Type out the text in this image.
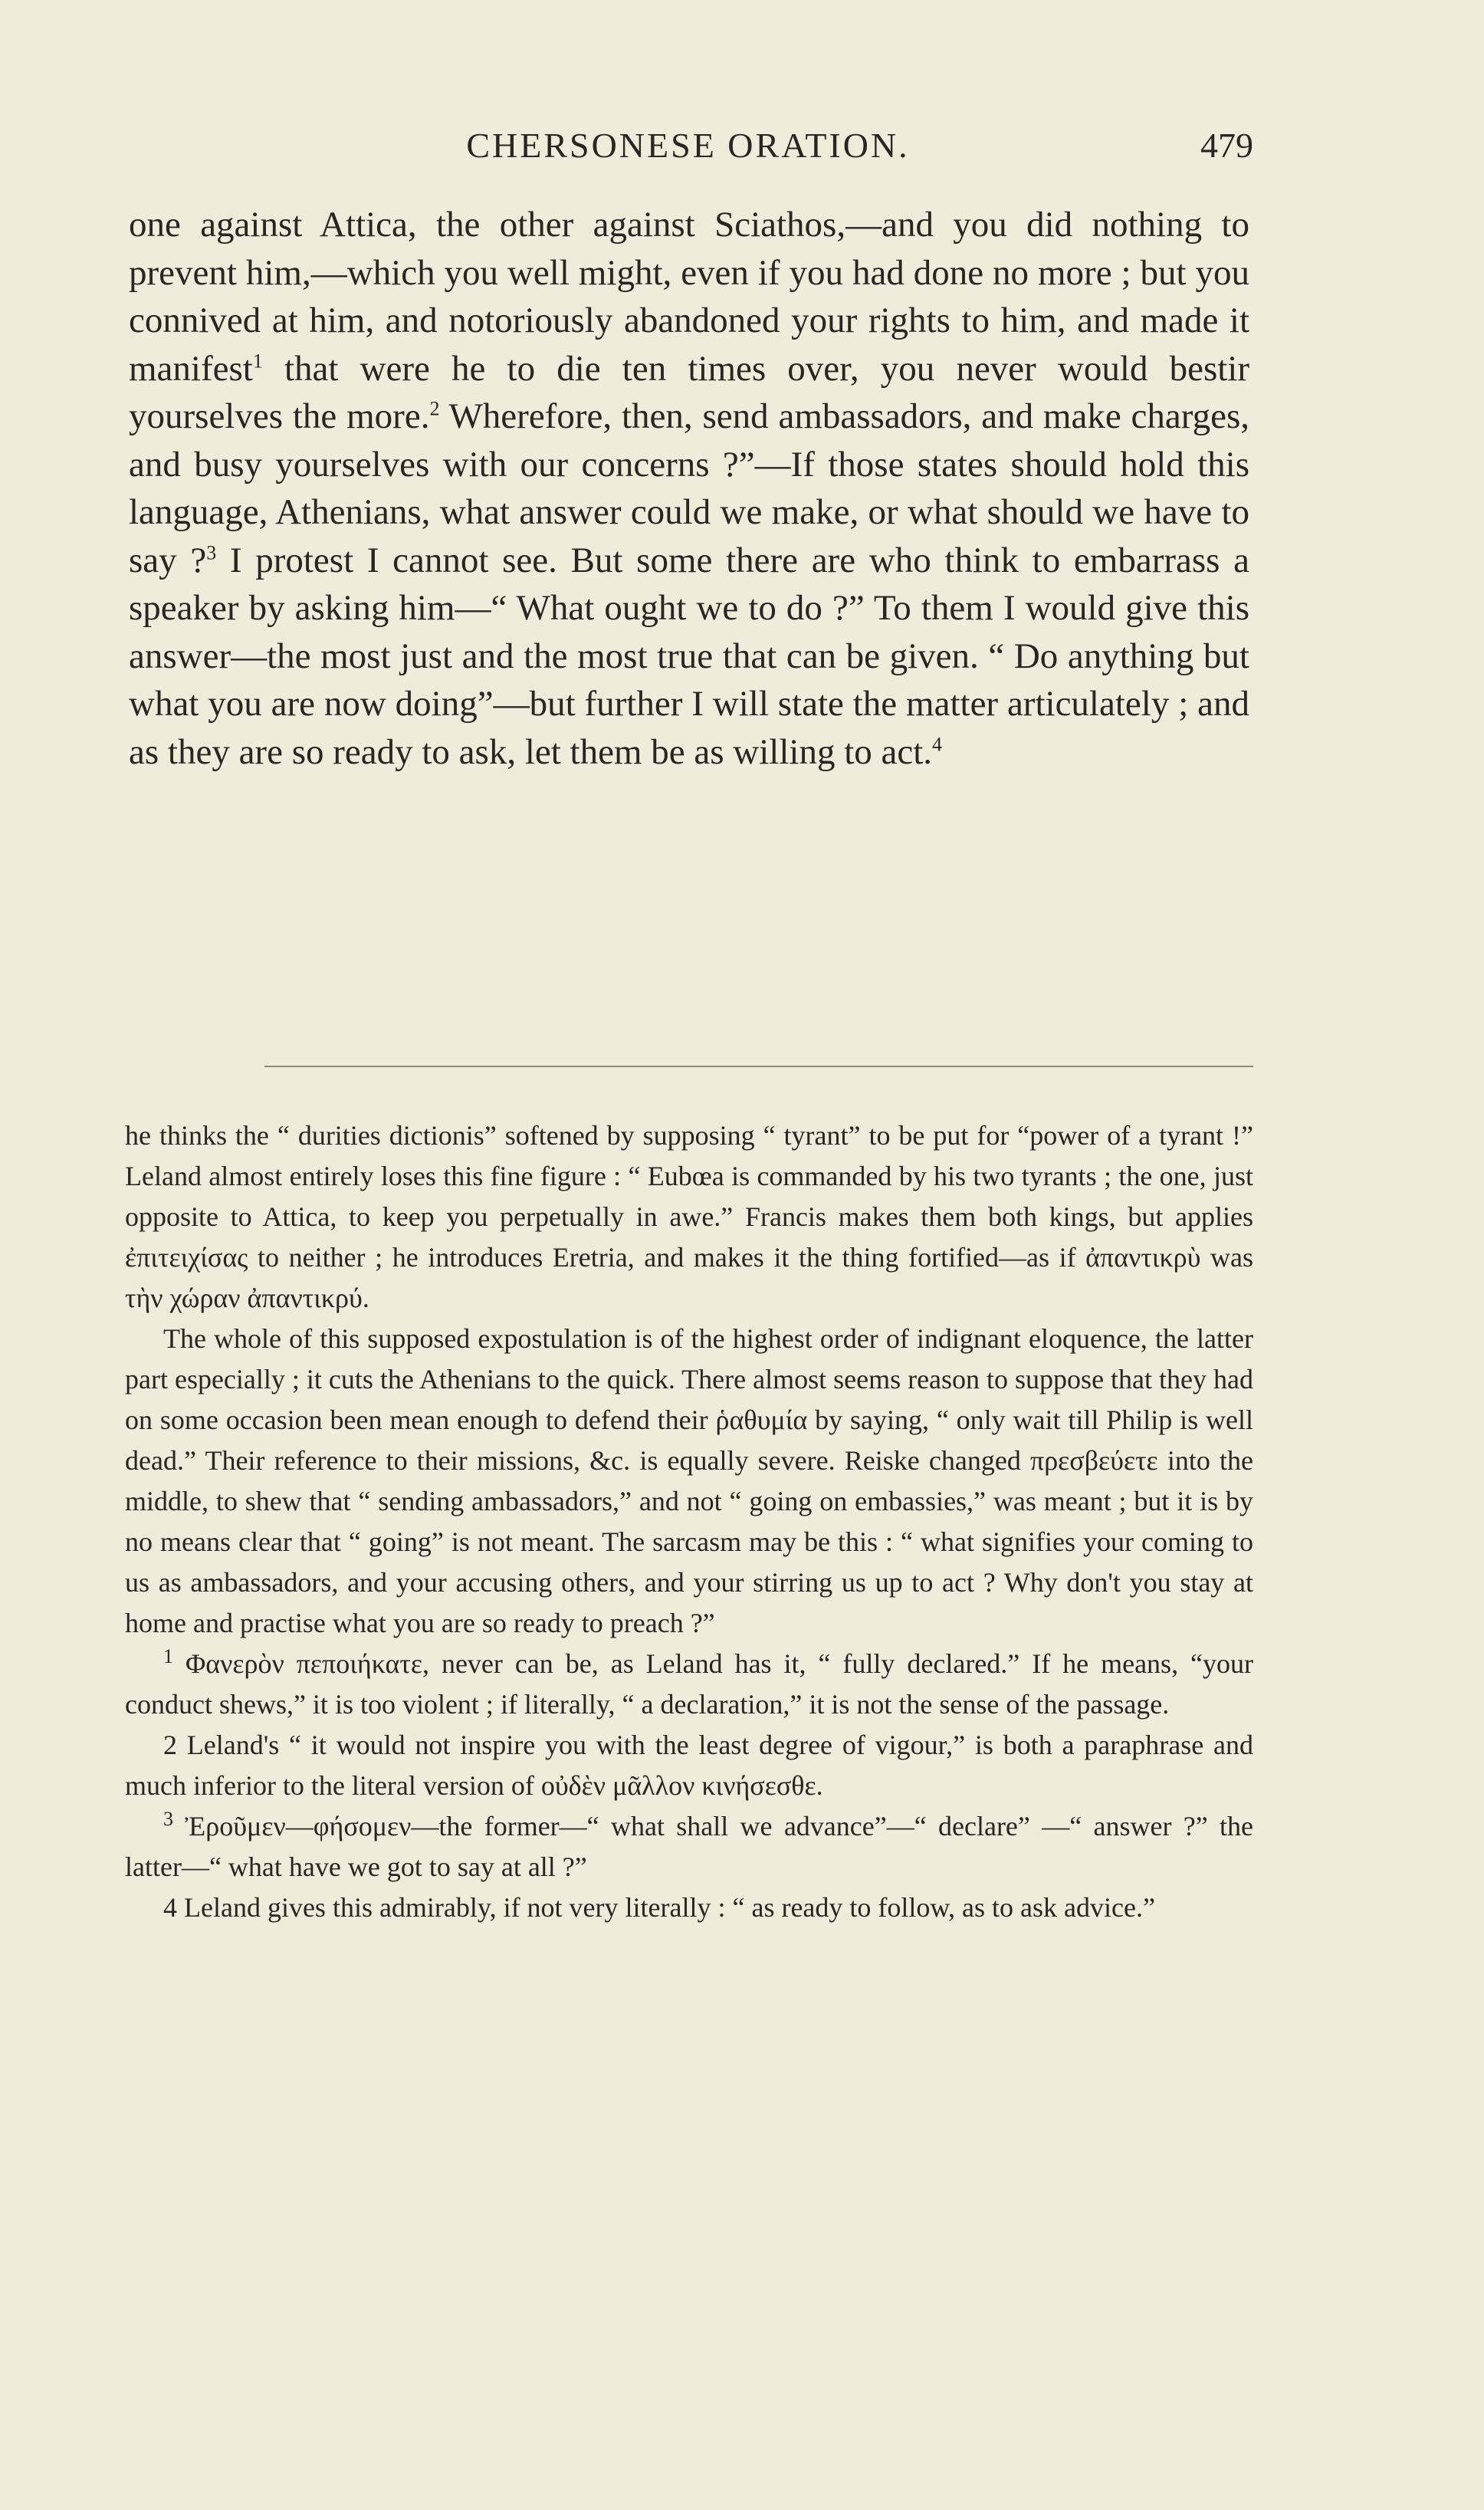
CHERSONESE ORATION.	479

one against Attica, the other against Sciathos,—and you did nothing to prevent him,—which you well might, even if you had done no more ; but you connived at him, and notoriously abandoned your rights to him, and made it manifest$^1$ that were he to die ten times over, you never would bestir yourselves the more.$^2$ Wherefore, then, send ambassadors, and make charges, and busy yourselves with our concerns ?”—If those states should hold this language, Athenians, what answer could we make, or what should we have to say ?$^3$ I protest I cannot see. But some there are who think to embarrass a speaker by asking him—“ What ought we to do ?” To them I would give this answer—the most just and the most true that can be given. “ Do anything but what you are now doing”—but further I will state the matter articulately ; and as they are so ready to ask, let them be as willing to act.$^4$

he thinks the “ durities dictionis” softened by supposing “ tyrant” to be put for “power of a tyrant !” Leland almost entirely loses this fine figure : “ Eubœa is commanded by his two tyrants ; the one, just opposite to Attica, to keep you perpetually in awe.” Francis makes them both kings, but applies ἐπιτειχίσας to neither ; he introduces Eretria, and makes it the thing fortified—as if ἀπαντικρὺ was τὴν χώραν ἀπαντικρύ.

The whole of this supposed expostulation is of the highest order of indignant eloquence, the latter part especially ; it cuts the Athenians to the quick. There almost seems reason to suppose that they had on some occasion been mean enough to defend their ῥαθυμία by saying, “ only wait till Philip is well dead.” Their reference to their missions, &c. is equally severe. Reiske changed πρεσβεύετε into the middle, to shew that “ sending ambassadors,” and not “ going on embassies,” was meant ; but it is by no means clear that “ going” is not meant. The sarcasm may be this : “ what signifies your coming to us as ambassadors, and your accusing others, and your stirring us up to act ? Why don't you stay at home and practise what you are so ready to preach ?”

$^1$ Φανερὸν πεποιήκατε, never can be, as Leland has it, “ fully declared.” If he means, “your conduct shews,” it is too violent ; if literally, “ a declaration,” it is not the sense of the passage.

2 Leland's “ it would not inspire you with the least degree of vigour,” is both a paraphrase and much inferior to the literal version of οὐδὲν μᾶλλον κινήσεσθε.

$^3$ Ἐροῦμεν—φήσομεν—the former—“ what shall we advance”—“ declare” —“ answer ?” the latter—“ what have we got to say at all ?”

4 Leland gives this admirably, if not very literally : “ as ready to follow, as to ask advice.”
